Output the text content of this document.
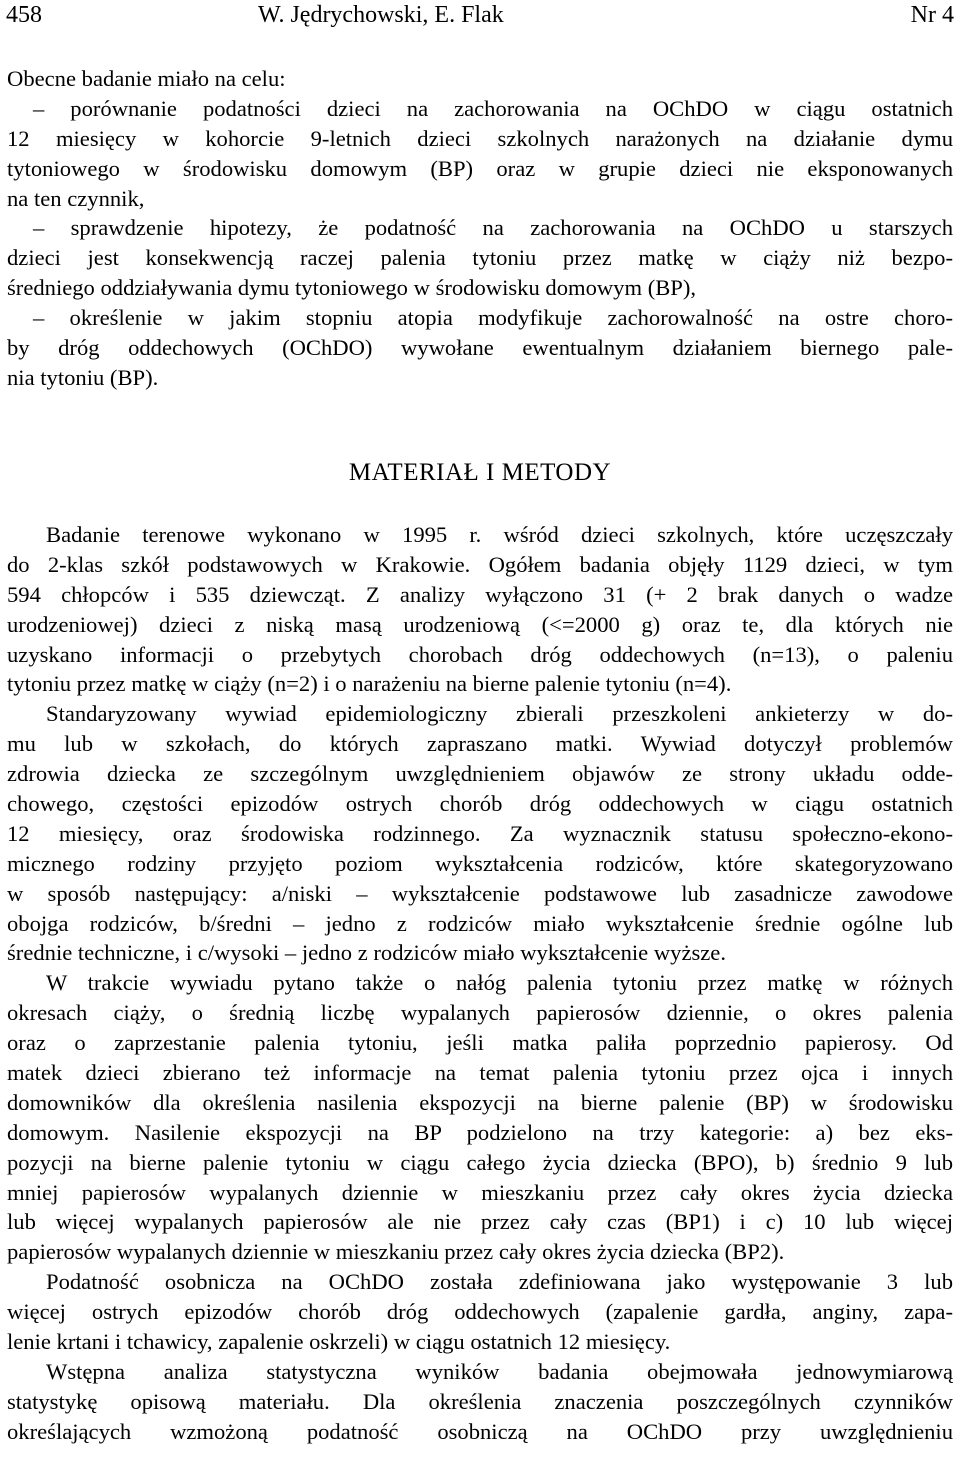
458	W. Jędrychowski, E. Flak	Nr 4
Obecne badanie miało na celu:
– porównanie podatności dzieci na zachorowania na OChDO w ciągu ostatnich
12 miesięcy w kohorcie 9-letnich dzieci szkolnych narażonych na działanie dymu
tytoniowego w środowisku domowym (BP) oraz w grupie dzieci nie eksponowanych
na ten czynnik,
– sprawdzenie hipotezy, że podatność na zachorowania na OChDO u starszych
dzieci jest konsekwencją raczej palenia tytoniu przez matkę w ciąży niż bezpo-
średniego oddziaływania dymu tytoniowego w środowisku domowym (BP),
– określenie w jakim stopniu atopia modyfikuje zachorowalność na ostre choro-
by dróg oddechowych (OChDO) wywołane ewentualnym działaniem biernego pale-
nia tytoniu (BP).
MATERIAŁ I METODY
Badanie terenowe wykonano w 1995 r. wśród dzieci szkolnych, które uczęszczały
do 2-klas szkół podstawowych w Krakowie. Ogółem badania objęły 1129 dzieci, w tym
594 chłopców i 535 dziewcząt. Z analizy wyłączono 31 (+ 2 brak danych o wadze
urodzeniowej) dzieci z niską masą urodzeniową (<=2000 g) oraz te, dla których nie
uzyskano informacji o przebytych chorobach dróg oddechowych (n=13), o paleniu
tytoniu przez matkę w ciąży (n=2) i o narażeniu na bierne palenie tytoniu (n=4).
Standaryzowany wywiad epidemiologiczny zbierali przeszkoleni ankieterzy w do-
mu lub w szkołach, do których zapraszano matki. Wywiad dotyczył problemów
zdrowia dziecka ze szczególnym uwzględnieniem objawów ze strony układu odde-
chowego, częstości epizodów ostrych chorób dróg oddechowych w ciągu ostatnich
12 miesięcy, oraz środowiska rodzinnego. Za wyznacznik statusu społeczno-ekono-
micznego rodziny przyjęto poziom wykształcenia rodziców, które skategoryzowano
w sposób następujący: a/niski – wykształcenie podstawowe lub zasadnicze zawodowe
obojga rodziców, b/średni – jedno z rodziców miało wykształcenie średnie ogólne lub
średnie techniczne, i c/wysoki – jedno z rodziców miało wykształcenie wyższe.
W trakcie wywiadu pytano także o nałóg palenia tytoniu przez matkę w różnych
okresach ciąży, o średnią liczbę wypalanych papierosów dziennie, o okres palenia
oraz o zaprzestanie palenia tytoniu, jeśli matka paliła poprzednio papierosy. Od
matek dzieci zbierano też informacje na temat palenia tytoniu przez ojca i innych
domowników dla określenia nasilenia ekspozycji na bierne palenie (BP) w środowisku
domowym. Nasilenie ekspozycji na BP podzielono na trzy kategorie: a) bez eks-
pozycji na bierne palenie tytoniu w ciągu całego życia dziecka (BPO), b) średnio 9 lub
mniej papierosów wypalanych dziennie w mieszkaniu przez cały okres życia dziecka
lub więcej wypalanych papierosów ale nie przez cały czas (BP1) i c) 10 lub więcej
papierosów wypalanych dziennie w mieszkaniu przez cały okres życia dziecka (BP2).
Podatność osobnicza na OChDO została zdefiniowana jako występowanie 3 lub
więcej ostrych epizodów chorób dróg oddechowych (zapalenie gardła, anginy, zapa-
lenie krtani i tchawicy, zapalenie oskrzeli) w ciągu ostatnich 12 miesięcy.
Wstępna analiza statystyczna wyników badania obejmowała jednowymiarową
statystykę opisową materiału. Dla określenia znaczenia poszczególnych czynników
określających wzmożoną podatność osobniczą na OChDO przy uwzględnieniu
